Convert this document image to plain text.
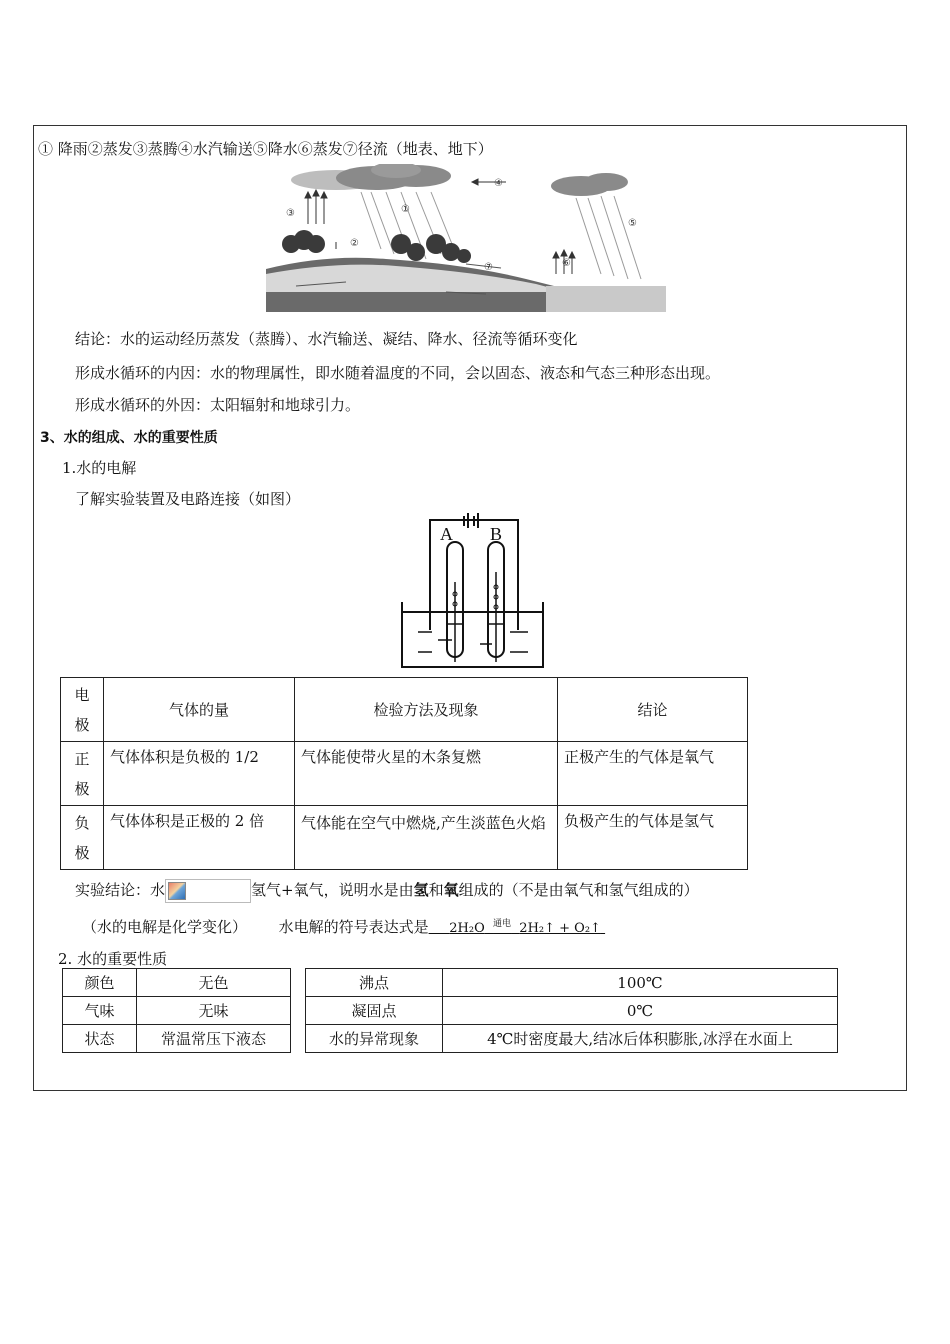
① 降雨②蒸发③蒸腾④水汽输送⑤降水⑥蒸发⑦径流（地表、地下）
③
②
①
④
⑤
⑥
⑦
结论：水的运动经历蒸发（蒸腾）、水汽输送、凝结、降水、径流等循环变化
形成水循环的内因：水的物理属性，即水随着温度的不同，会以固态、液态和气态三种形态出现。
形成水循环的外因：太阳辐射和地球引力。
3、水的组成、水的重要性质
1.水的电解
了解实验装置及电路连接（如图）
A B
电
极	气体的量	检验方法及现象	结论
正
极	气体体积是负极的 1/2	气体能使带火星的木条复燃	正极产生的气体是氧气
负
极	气体体积是正极的 2 倍	气体能在空气中燃烧,产生淡蓝色火焰	负极产生的气体是氢气
实验结论：水	氢气+氧气，说明水是由氢和氧组成的（不是由氧气和氢气组成的）
（水的电解是化学变化） 水电解的符号表达式是 2H₂O $^{通电}$ 2H₂↑ + O₂↑
2. 水的重要性质
颜色	无色		沸点	100℃
气味	无味		凝固点	0℃
状态	常温常压下液态		水的异常现象	4℃时密度最大,结冰后体积膨胀,冰浮在水面上
